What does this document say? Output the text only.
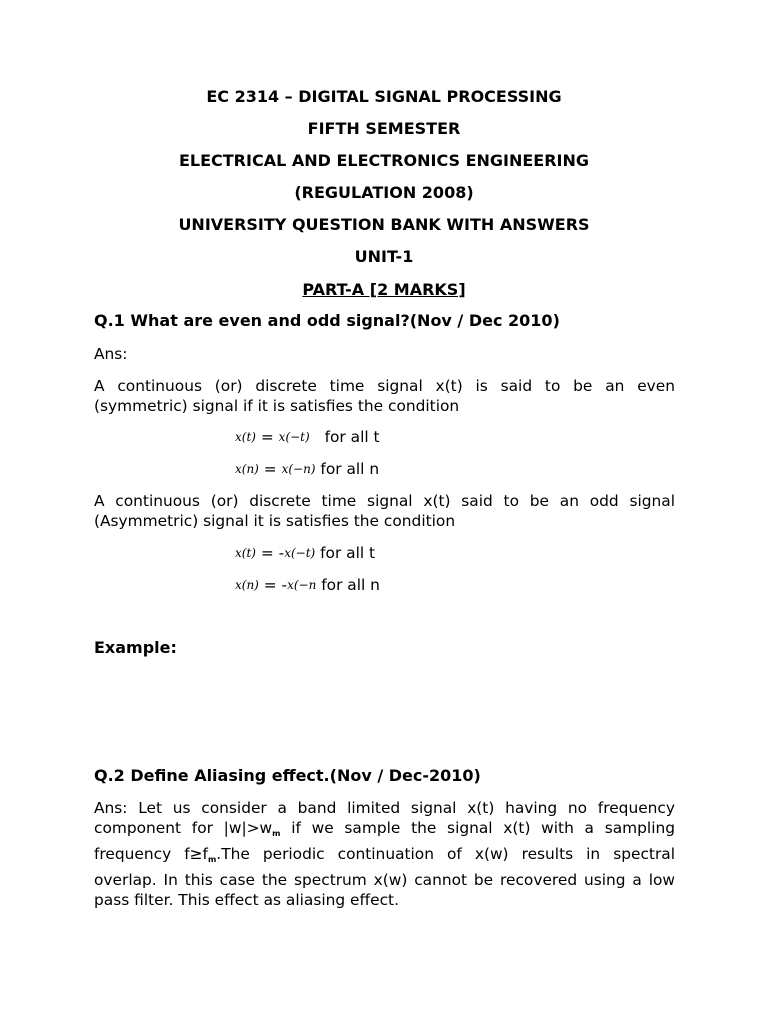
EC 2314 – DIGITAL SIGNAL PROCESSING
FIFTH SEMESTER
ELECTRICAL AND ELECTRONICS ENGINEERING
(REGULATION 2008)
UNIVERSITY QUESTION BANK WITH ANSWERS
UNIT-1
PART-A [2 MARKS]
Q.1 What are even and odd signal?(Nov / Dec 2010)
Ans:
A continuous (or) discrete time signal x(t) is said to be an even (symmetric) signal if it is satisfies the condition
x(t) = x(−t) for all t
x(n) = x(−n) for all n
A continuous (or) discrete time signal x(t) said to be an odd signal (Asymmetric) signal it is satisfies the condition
x(t) = -x(−t) for all t
x(n) = -x(−n for all n
Example:
Q.2 Define Aliasing effect.(Nov / Dec-2010)
Ans: Let us consider a band limited signal x(t) having no frequency component for $|w|>w_m$ if we sample the signal x(t) with a sampling frequency $f\ge f_m.The$ periodic continuation of x(w) results in spectral overlap. In this case the spectrum x(w) cannot be recovered using a low pass filter. This effect as aliasing effect.
